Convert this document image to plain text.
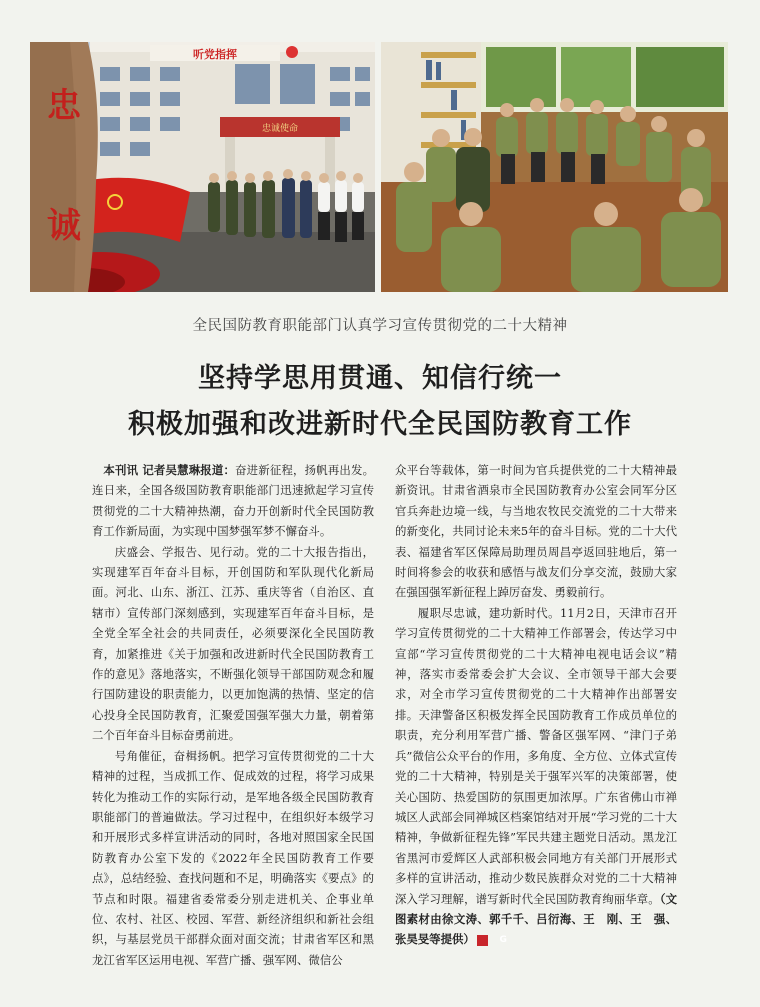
听党指挥
忠诚使命
忠
诚
全民国防教育职能部门认真学习宣传贯彻党的二十大精神
坚持学思用贯通、知信行统一
积极加强和改进新时代全民国防教育工作

本刊讯 记者吴慧琳报道：奋进新征程，扬帆再出发。连日来，全国各级国防教育职能部门迅速掀起学习宣传贯彻党的二十大精神热潮，奋力开创新时代全民国防教育工作新局面，为实现中国梦强军梦不懈奋斗。

庆盛会、学报告、见行动。党的二十大报告指出，实现建军百年奋斗目标，开创国防和军队现代化新局面。河北、山东、浙江、江苏、重庆等省（自治区、直辖市）宣传部门深刻感到，实现建军百年奋斗目标，是全党全军全社会的共同责任，必须要深化全民国防教育，加紧推进《关于加强和改进新时代全民国防教育工作的意见》落地落实，不断强化领导干部国防观念和履行国防建设的职责能力，以更加饱满的热情、坚定的信心投身全民国防教育，汇聚爱国强军强大力量，朝着第二个百年奋斗目标奋勇前进。

号角催征，奋楫扬帆。把学习宣传贯彻党的二十大精神的过程，当成抓工作、促成效的过程，将学习成果转化为推动工作的实际行动，是军地各级全民国防教育职能部门的普遍做法。学习过程中，在组织好本级学习和开展形式多样宣讲活动的同时，各地对照国家全民国防教育办公室下发的《2022年全民国防教育工作要点》，总结经验、查找问题和不足，明确落实《要点》的节点和时限。福建省委常委分别走进机关、企事业单位、农村、社区、校园、军营、新经济组织和新社会组织，与基层党员干部群众面对面交流；甘肃省军区和黑龙江省军区运用电视、军营广播、强军网、微信公

众平台等载体，第一时间为官兵提供党的二十大精神最新资讯。甘肃省酒泉市全民国防教育办公室会同军分区官兵奔赴边境一线，与当地农牧民交流党的二十大带来的新变化，共同讨论未来5年的奋斗目标。党的二十大代表、福建省军区保障局助理员周昌亭返回驻地后，第一时间将参会的收获和感悟与战友们分享交流，鼓励大家在强国强军新征程上踔厉奋发、勇毅前行。

履职尽忠诚，建功新时代。11月2日，天津市召开学习宣传贯彻党的二十大精神工作部署会，传达学习中宣部“学习宣传贯彻党的二十大精神电视电话会议”精神，落实市委常委会扩大会议、全市领导干部大会要求，对全市学习宣传贯彻党的二十大精神作出部署安排。天津警备区积极发挥全民国防教育工作成员单位的职责，充分利用军营广播、警备区强军网、“津门子弟兵”微信公众平台的作用，多角度、全方位、立体式宣传党的二十大精神，特别是关于强军兴军的决策部署，使关心国防、热爱国防的氛围更加浓厚。广东省佛山市禅城区人武部会同禅城区档案馆结对开展“学习党的二十大精神，争做新征程先锋”军民共建主题党日活动。黑龙江省黑河市爱辉区人武部积极会同地方有关部门开展形式多样的宣讲活动，推动少数民族群众对党的二十大精神深入学习理解，谱写新时代全民国防教育绚丽华章。（文图素材由徐文涛、郭千千、吕衍海、王　刚、王　强、张昊旻等提供）	G
